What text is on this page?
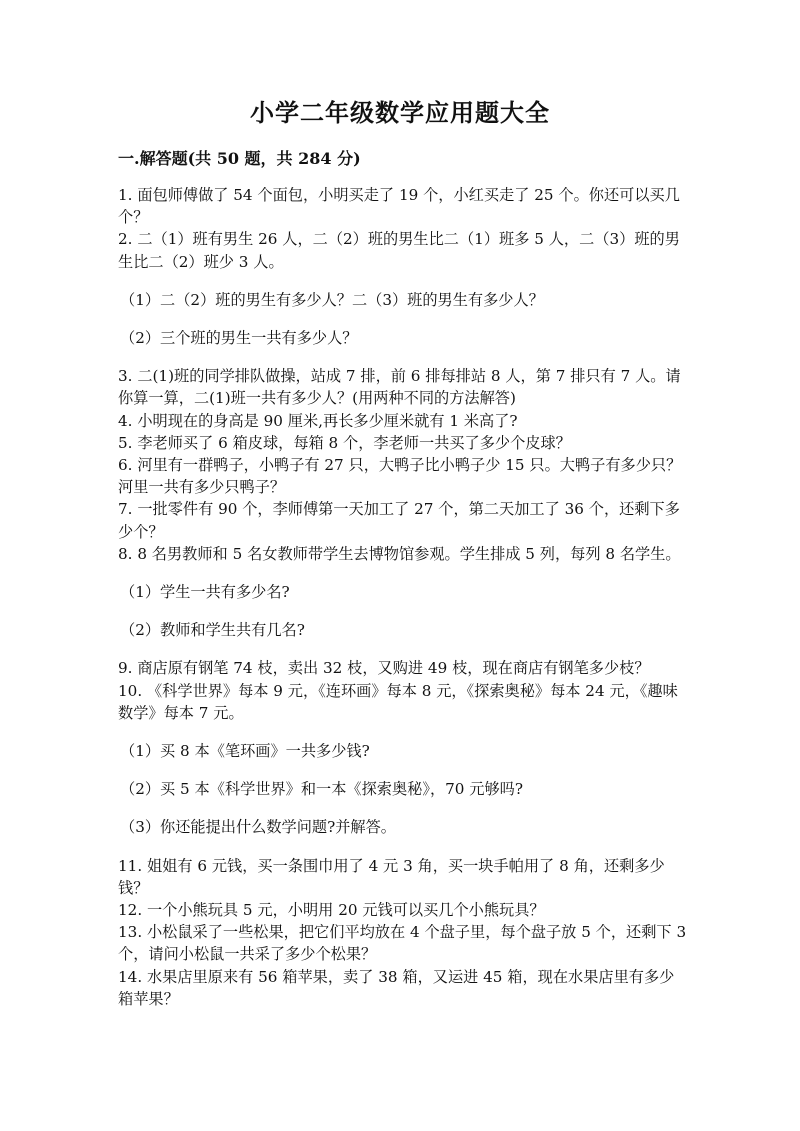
小学二年级数学应用题大全
一.解答题(共 50 题，共 284 分)

1. 面包师傅做了 54 个面包，小明买走了 19 个，小红买走了 25 个。你还可以买几个？

2. 二（1）班有男生 26 人，二（2）班的男生比二（1）班多 5 人，二（3）班的男生比二（2）班少 3 人。

（1）二（2）班的男生有多少人？二（3）班的男生有多少人？

（2）三个班的男生一共有多少人？

3. 二(1)班的同学排队做操，站成 7 排，前 6 排每排站 8 人，第 7 排只有 7 人。请你算一算，二(1)班一共有多少人？(用两种不同的方法解答)

4. 小明现在的身高是 90 厘米,再长多少厘米就有 1 米高了?

5. 李老师买了 6 箱皮球，每箱 8 个，李老师一共买了多少个皮球？

6. 河里有一群鸭子，小鸭子有 27 只，大鸭子比小鸭子少 15 只。大鸭子有多少只？河里一共有多少只鸭子？

7. 一批零件有 90 个，李师傅第一天加工了 27 个，第二天加工了 36 个，还剩下多少个？

8. 8 名男教师和 5 名女教师带学生去博物馆参观。学生排成 5 列，每列 8 名学生。

（1）学生一共有多少名?

（2）教师和学生共有几名?

9. 商店原有钢笔 74 枝，卖出 32 枝，又购进 49 枝，现在商店有钢笔多少枝？

10. 《科学世界》每本 9 元，《连环画》每本 8 元，《探索奥秘》每本 24 元，《趣味数学》每本 7 元。

（1）买 8 本《笔环画》一共多少钱?

（2）买 5 本《科学世界》和一本《探索奥秘》，70 元够吗?

（3）你还能提出什么数学问题?并解答。

11. 姐姐有 6 元钱，买一条围巾用了 4 元 3 角，买一块手帕用了 8 角，还剩多少钱？

12. 一个小熊玩具 5 元，小明用 20 元钱可以买几个小熊玩具？

13. 小松鼠采了一些松果，把它们平均放在 4 个盘子里，每个盘子放 5 个，还剩下 3 个，请问小松鼠一共采了多少个松果？

14. 水果店里原来有 56 箱苹果，卖了 38 箱，又运进 45 箱，现在水果店里有多少箱苹果？
